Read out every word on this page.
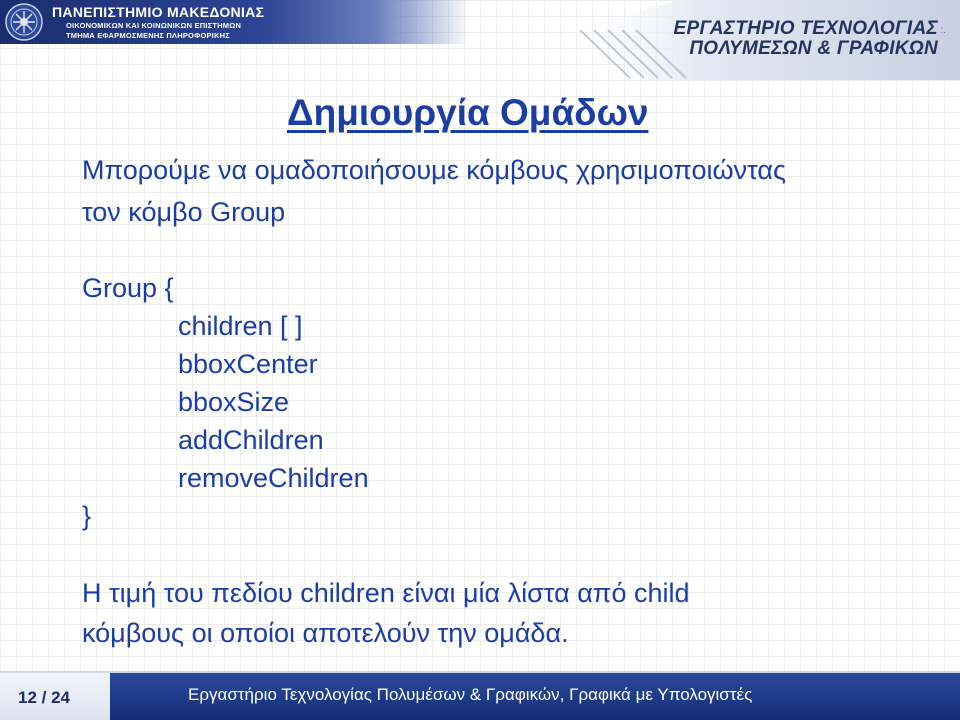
ΠΑΝΕΠΙΣΤΗΜΙΟ ΜΑΚΕΔΟΝΙΑΣ
ΟΙΚΟΝΟΜΙΚΩΝ ΚΑΙ ΚΟΙΝΩΝΙΚΩΝ ΕΠΙΣΤΗΜΩΝ
ΤΜΗΜΑ ΕΦΑΡΜΟΣΜΕΝΗΣ ΠΛΗΡΟΦΟΡΙΚΗΣ	ΕΡΓΑΣΤΗΡΙΟ ΤΕΧΝΟΛΟΓΙΑΣ
ΠΟΛΥΜΕΣΩΝ & ΓΡΑΦΙΚΩΝ
:.
Δημιουργία Ομάδων

Μπορούμε να ομαδοποιήσουμε κόμβους χρησιμοποιώντας

τον κόμβο Group

Group {

children [ ]

bboxCenter

bboxSize

addChildren

removeChildren

}

Η τιμή του πεδίου children είναι μία λίστα από child

κόμβους οι οποίοι αποτελούν την ομάδα.

12 / 24	Εργαστήριο Τεχνολογίας Πολυμέσων & Γραφικών, Γραφικά με Υπολογιστές
